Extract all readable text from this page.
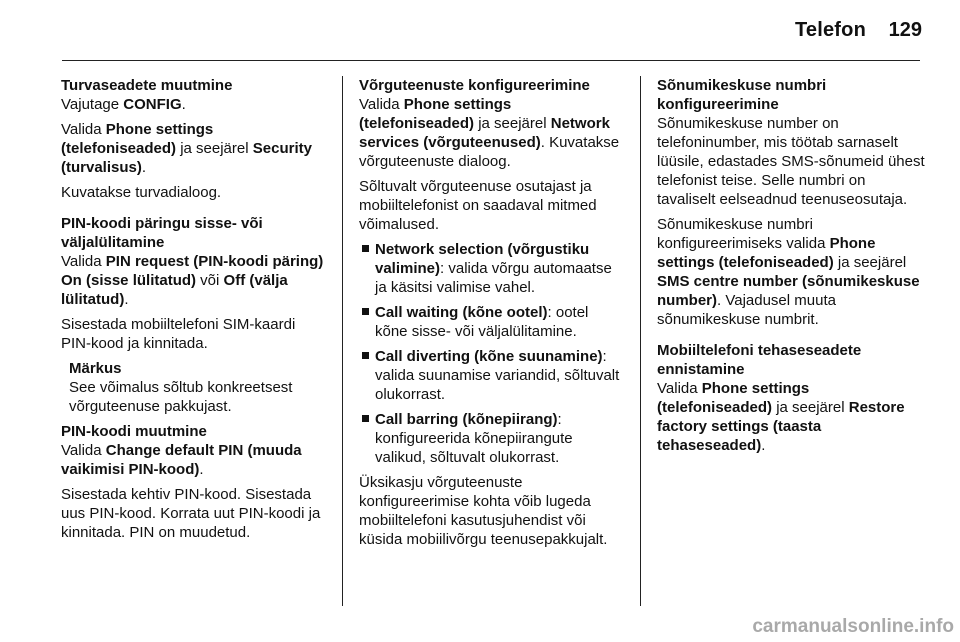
Telefon 129
Turvaseadete muutmine
Vajutage CONFIG.
Valida Phone settings (telefoniseaded) ja seejärel Security (turvalisus).
Kuvatakse turvadialoog.
PIN-koodi päringu sisse- või väljalülitamine
Valida PIN request (PIN-koodi päring) On (sisse lülitatud) või Off (välja lülitatud).
Sisestada mobiiltelefoni SIM-kaardi PIN-kood ja kinnitada.
Märkus
See võimalus sõltub konkreetsest võrguteenuse pakkujast.
PIN-koodi muutmine
Valida Change default PIN (muuda vaikimisi PIN-kood).
Sisestada kehtiv PIN-kood. Sisestada uus PIN-kood. Korrata uut PIN-koodi ja kinnitada. PIN on muudetud.
Võrguteenuste konfigureerimine
Valida Phone settings (telefoniseaded) ja seejärel Network services (võrguteenused). Kuvatakse võrguteenuste dialoog.
Sõltuvalt võrguteenuse osutajast ja mobiiltelefonist on saadaval mitmed võimalused.
Network selection (võrgustiku valimine): valida võrgu automaatse ja käsitsi valimise vahel.
Call waiting (kõne ootel): ootel kõne sisse- või väljalülitamine.
Call diverting (kõne suunamine): valida suunamise variandid, sõltuvalt olukorrast.
Call barring (kõnepiirang): konfigureerida kõnepiirangute valikud, sõltuvalt olukorrast.
Üksikasju võrguteenuste konfigureerimise kohta võib lugeda mobiiltelefoni kasutusjuhendist või küsida mobiilivõrgu teenusepakkujalt.
Sõnumikeskuse numbri konfigureerimine
Sõnumikeskuse number on telefoninumber, mis töötab sarnaselt lüüsile, edastades SMS-sõnumeid ühest telefonist teise. Selle numbri on tavaliselt eelseadnud teenuseosutaja.
Sõnumikeskuse numbri konfigureerimiseks valida Phone settings (telefoniseaded) ja seejärel SMS centre number (sõnumikeskuse number). Vajadusel muuta sõnumikeskuse numbrit.
Mobiiltelefoni tehaseseadete ennistamine
Valida Phone settings (telefoniseaded) ja seejärel Restore factory settings (taasta tehaseseaded).
carmanualsonline.info
